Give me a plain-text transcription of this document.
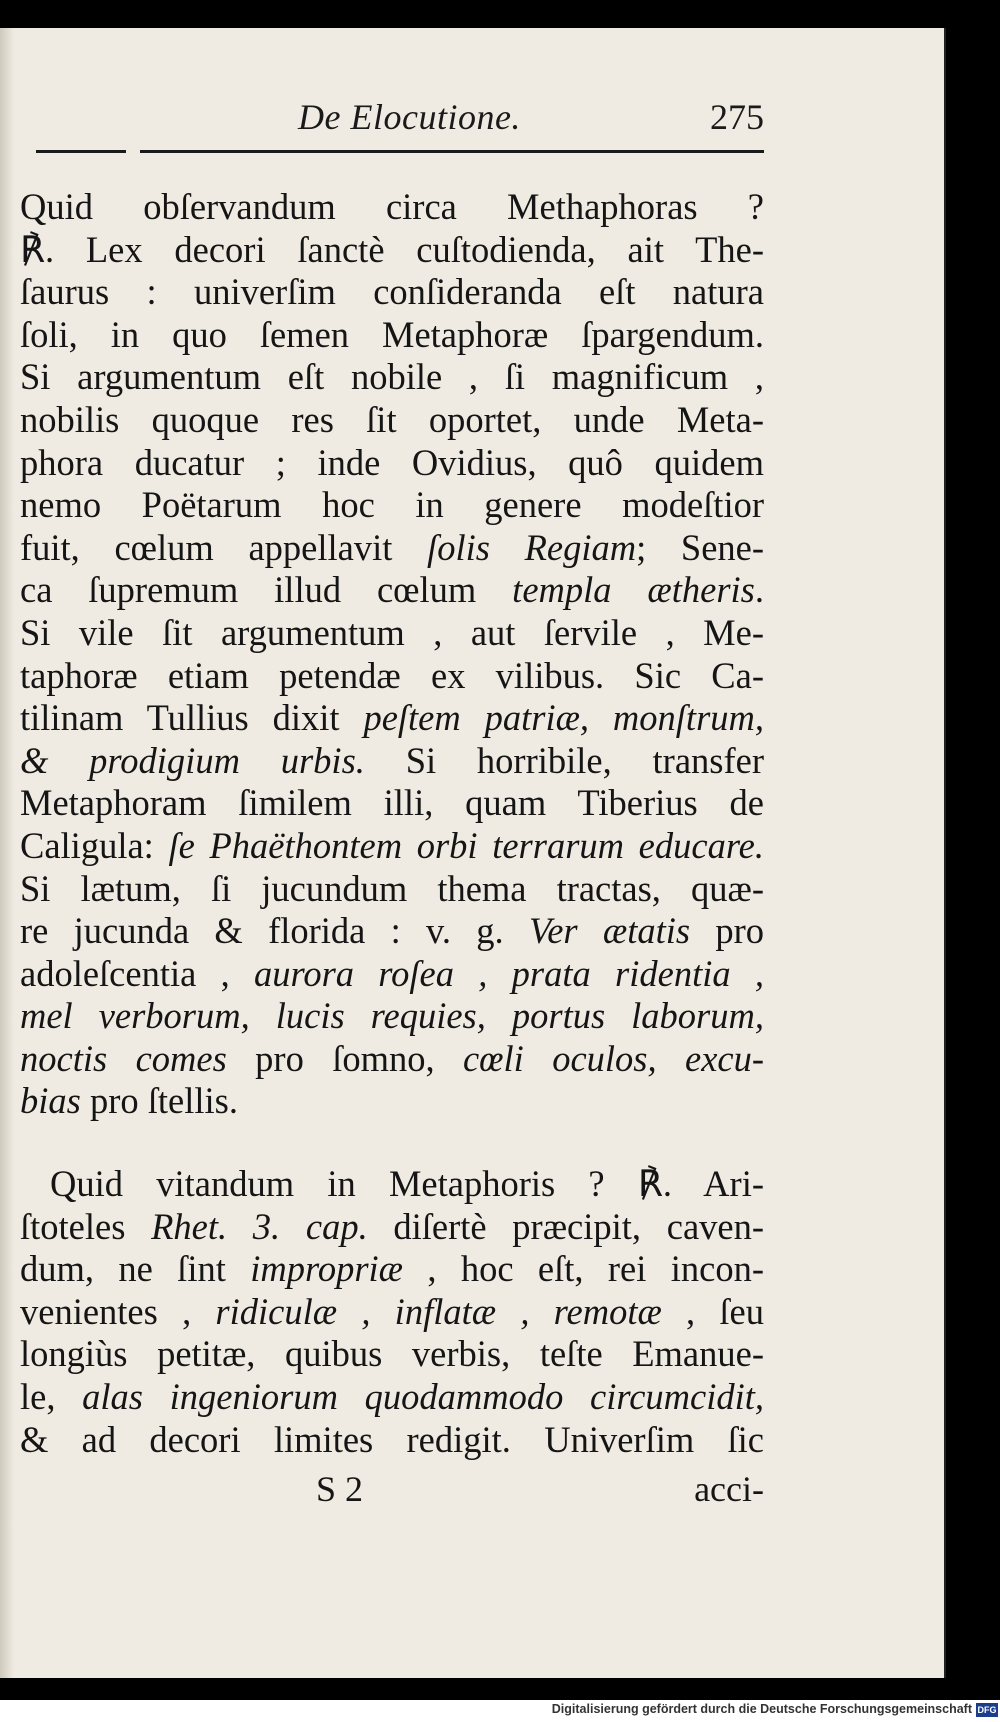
De Elocutione.	275
Quid obſervandum circa Methaphoras ?
℟. Lex decori ſanctè cuſtodienda, ait The-
ſaurus : univerſim conſideranda eſt natura
ſoli, in quo ſemen Metaphoræ ſpargendum.
Si argumentum eſt nobile , ſi magnificum ,
nobilis quoque res ſit oportet, unde Meta-
phora ducatur ; inde Ovidius, quô quidem
nemo Poëtarum hoc in genere modeſtior
fuit, cœlum appellavit ſolis Regiam; Sene-
ca ſupremum illud cœlum templa ætheris.
Si vile ſit argumentum , aut ſervile , Me-
taphoræ etiam petendæ ex vilibus. Sic Ca-
tilinam Tullius dixit peſtem patriæ, monſtrum,
& prodigium urbis. Si horribile, transfer
Metaphoram ſimilem illi, quam Tiberius de
Caligula: ſe Phaëthontem orbi terrarum educare.
Si lætum, ſi jucundum thema tractas, quæ-
re jucunda & florida : v. g. Ver ætatis pro
adoleſcentia , aurora roſea , prata ridentia ,
mel verborum, lucis requies, portus laborum,
noctis comes pro ſomno, cœli oculos, excu-
bias pro ſtellis.
Quid vitandum in Metaphoris ? ℟. Ari-
ſtoteles Rhet. 3. cap. diſertè præcipit, caven-
dum, ne ſint impropriæ , hoc eſt, rei incon-
venientes , ridiculæ , inflatæ , remotæ , ſeu
longiùs petitæ, quibus verbis, teſte Emanue-
le, alas ingeniorum quodammodo circumcidit,
& ad decori limites redigit. Univerſim ſic
S 2	acci-
Digitalisierung gefördert durch die Deutsche Forschungsgemeinschaft DFG
